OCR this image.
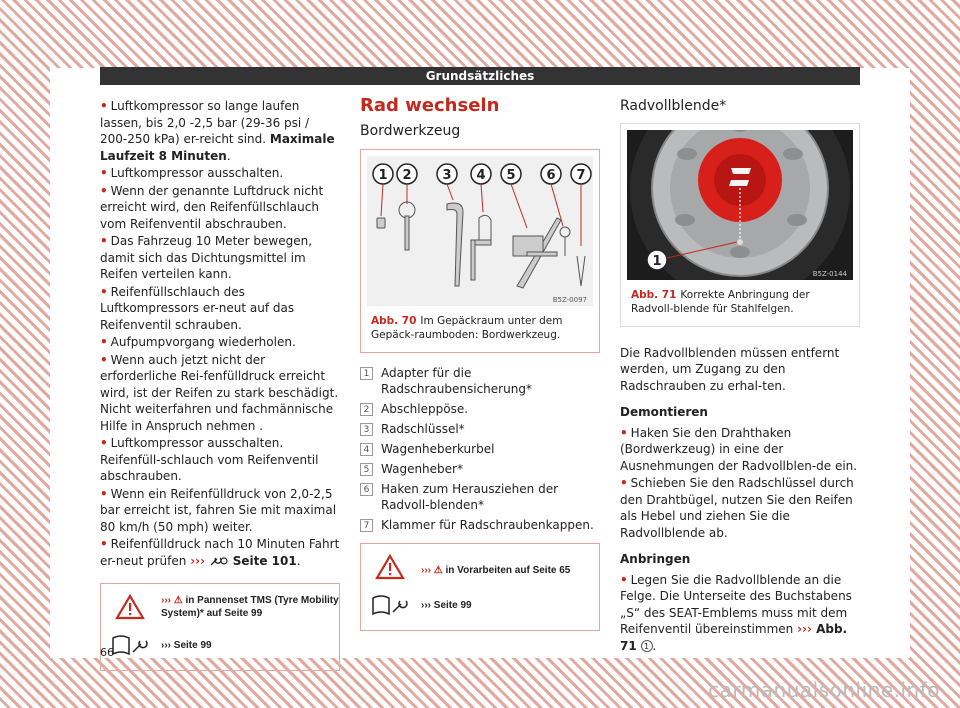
Grundsätzliches
• Luftkompressor so lange laufen lassen, bis 2,0 -2,5 bar (29-36 psi / 200-250 kPa) er-reicht sind. Maximale Laufzeit 8 Minuten.
• Luftkompressor ausschalten.
• Wenn der genannte Luftdruck nicht erreicht wird, den Reifenfüllschlauch vom Reifenventil abschrauben.
• Das Fahrzeug 10 Meter bewegen, damit sich das Dichtungsmittel im Reifen verteilen kann.
• Reifenfüllschlauch des Luftkompressors er-neut auf das Reifenventil schrauben.
• Aufpumpvorgang wiederholen.
• Wenn auch jetzt nicht der erforderliche Rei-fenfülldruck erreicht wird, ist der Reifen zu stark beschädigt. Nicht weiterfahren und fachmännische Hilfe in Anspruch nehmen .
• Luftkompressor ausschalten. Reifenfüll-schlauch vom Reifenventil abschrauben.
• Wenn ein Reifenfülldruck von 2,0-2,5 bar erreicht ist, fahren Sie mit maximal 80 km/h (50 mph) weiter.
• Reifenfülldruck nach 10 Minuten Fahrt er-neut prüfen ››› Seite 101.
››› ⚠ in Pannenset TMS (Tyre Mobility System)* auf Seite 99
››› Seite 99
Rad wechseln
Bordwerkzeug
1 2 3 4 5 6 7
B5Z-0097
Abb. 70 Im Gepäckraum unter dem Gepäck-raumboden: Bordwerkzeug.
1 Adapter für die Radschraubensicherung*
2 Abschleppöse.
3 Radschlüssel*
4 Wagenheberkurbel
5 Wagenheber*
6 Haken zum Herausziehen der Radvoll-blenden*
7 Klammer für Radschraubenkappen.
››› ⚠ in Vorarbeiten auf Seite 65
››› Seite 99
Radvollblende*
1
B5Z-0144
Abb. 71 Korrekte Anbringung der Radvoll-blende für Stahlfelgen.
Die Radvollblenden müssen entfernt werden, um Zugang zu den Radschrauben zu erhal-ten.
Demontieren
• Haken Sie den Drahthaken (Bordwerkzeug) in eine der Ausnehmungen der Radvollblen-de ein.
• Schieben Sie den Radschlüssel durch den Drahtbügel, nutzen Sie den Reifen als Hebel und ziehen Sie die Radvollblende ab.
Anbringen
• Legen Sie die Radvollblende an die Felge. Die Unterseite des Buchstabens „S“ des SEAT-Emblems muss mit dem Reifenventil übereinstimmen ››› Abb. 71 1 .
66
carmanualsonline.info
